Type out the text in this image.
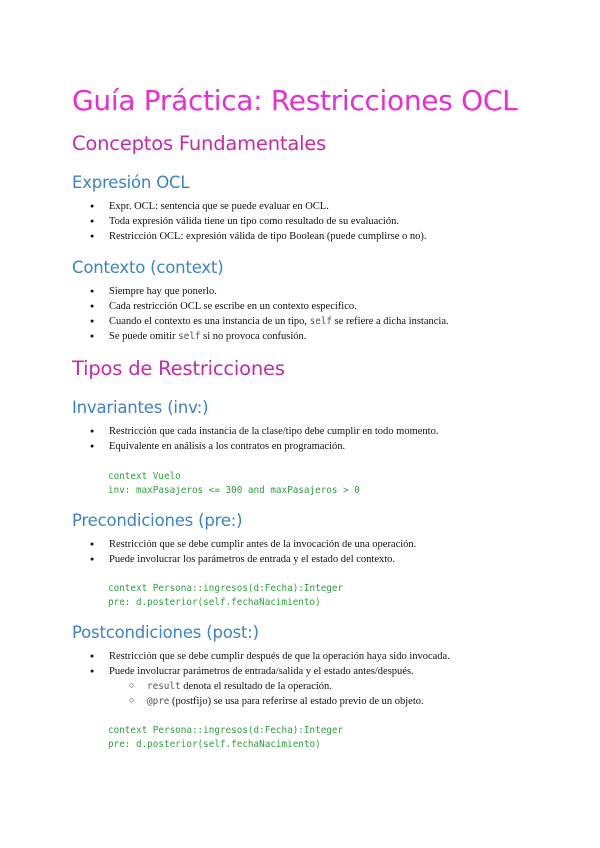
Guía Práctica: Restricciones OCL
Conceptos Fundamentales
Expresión OCL
● Expr. OCL: sentencia que se puede evaluar en OCL.
● Toda expresión válida tiene un tipo como resultado de su evaluación.
● Restricción OCL: expresión válida de tipo Boolean (puede cumplirse o no).
Contexto (context)
● Siempre hay que ponerlo.
● Cada restricción OCL se escribe en un contexto específico.
● Cuando el contexto es una instancia de un tipo, self se refiere a dicha instancia.
● Se puede omitir self si no provoca confusión.
Tipos de Restricciones
Invariantes (inv:)
● Restricción que cada instancia de la clase/tipo debe cumplir en todo momento.
● Equivalente en análisis a los contratos en programación.
context Vuelo
inv: maxPasajeros <= 300 and maxPasajeros > 0
Precondiciones (pre:)
● Restricción que se debe cumplir antes de la invocación de una operación.
● Puede involucrar los parámetros de entrada y el estado del contexto.
context Persona::ingresos(d:Fecha):Integer
pre: d.posterior(self.fechaNacimiento)
Postcondiciones (post:)
● Restricción que se debe cumplir después de que la operación haya sido invocada.
● Puede involucrar parámetros de entrada/salida y el estado antes/después.
○ result denota el resultado de la operación.
○ @pre (postfijo) se usa para referirse al estado previo de un objeto.
context Persona::ingresos(d:Fecha):Integer
pre: d.posterior(self.fechaNacimiento)
